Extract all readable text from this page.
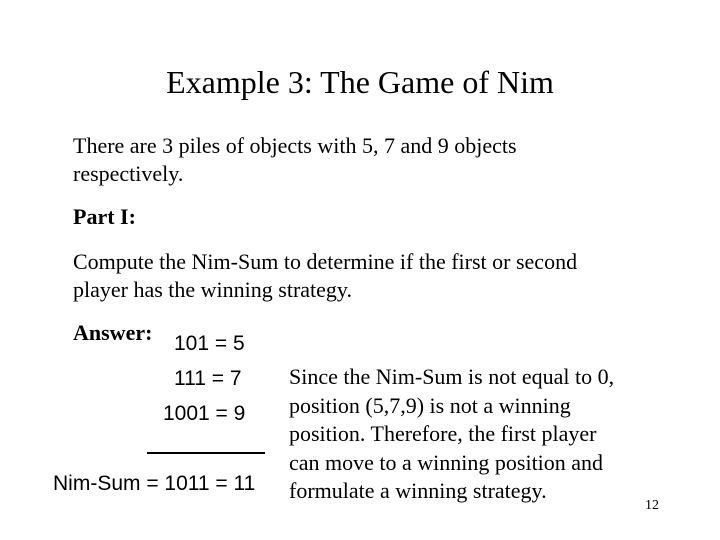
Example 3: The Game of Nim
There are 3 piles of objects with 5, 7 and 9 objects
respectively.
Part I:
Compute the Nim-Sum to determine if the first or second
player has the winning strategy.
Answer: 101 = 5
111 = 7
1001 = 9
Nim-Sum = 1011 = 11
Since the Nim-Sum is not equal to 0,
position (5,7,9) is not a winning
position. Therefore, the first player
can move to a winning position and
formulate a winning strategy.
12
